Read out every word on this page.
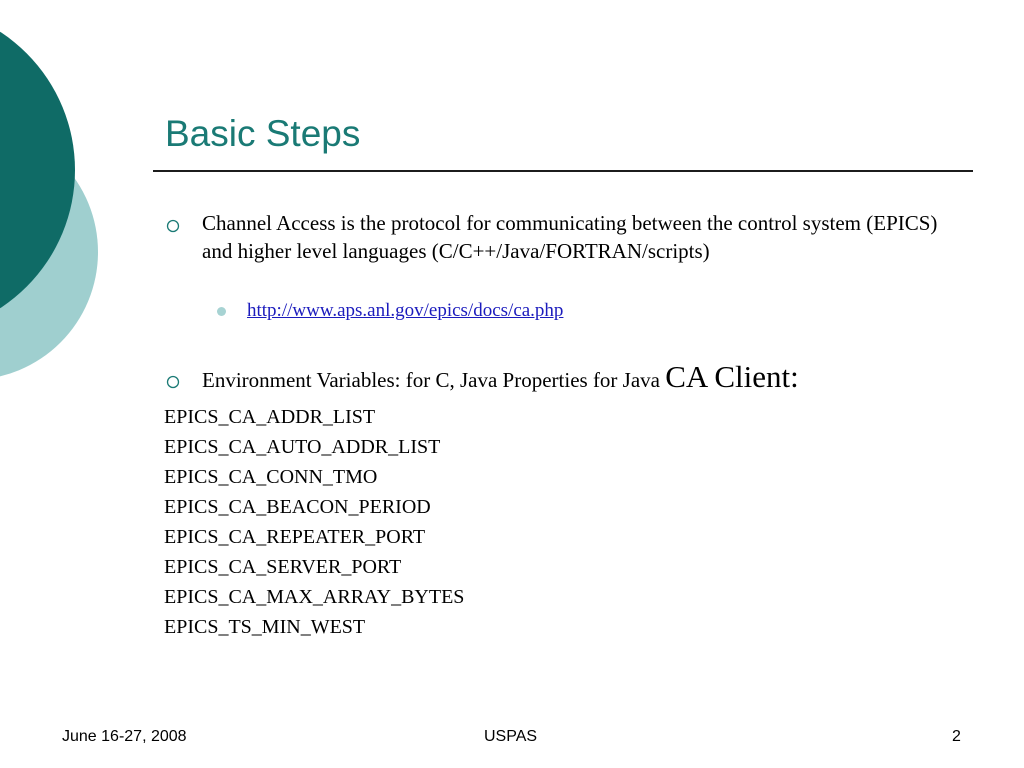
Basic Steps
Channel Access is the protocol for communicating between the control system (EPICS) and higher level languages (C/C++/Java/FORTRAN/scripts)
http://www.aps.anl.gov/epics/docs/ca.php
Environment Variables: for C, Java Properties for Java CA Client:
EPICS_CA_ADDR_LIST
EPICS_CA_AUTO_ADDR_LIST
EPICS_CA_CONN_TMO
EPICS_CA_BEACON_PERIOD
EPICS_CA_REPEATER_PORT
EPICS_CA_SERVER_PORT
EPICS_CA_MAX_ARRAY_BYTES
EPICS_TS_MIN_WEST
June 16-27, 2008	USPAS	2
